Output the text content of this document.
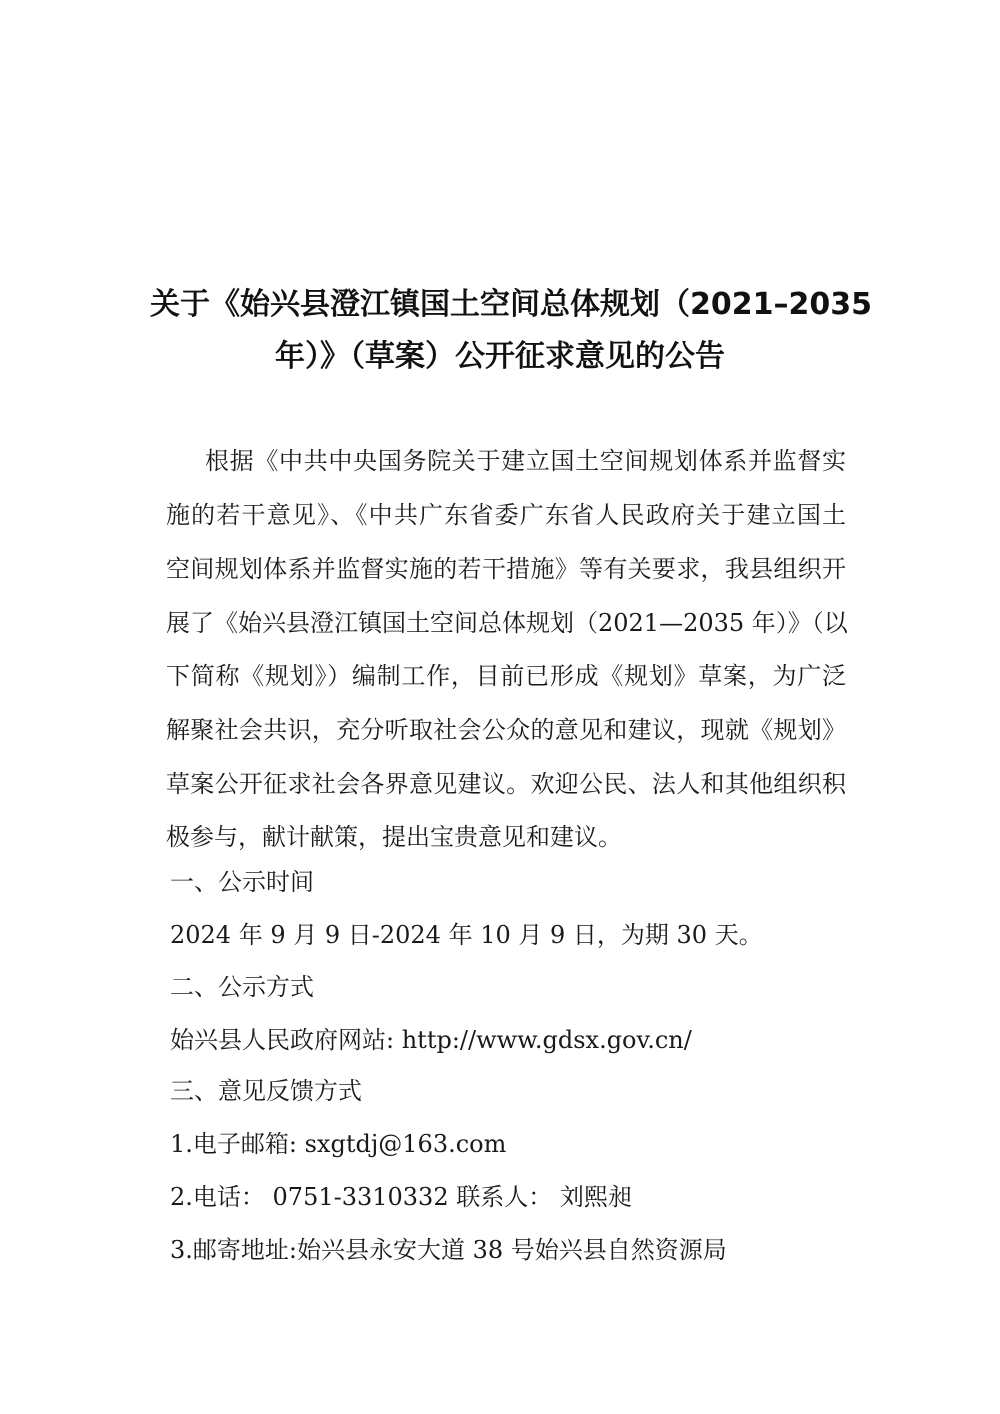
关于《始兴县澄江镇国土空间总体规划（2021–2035
年）》（草案）公开征求意见的公告
根据《中共中央国务院关于建立国土空间规划体系并监督实
施的若干意见》、《中共广东省委广东省人民政府关于建立国土
空间规划体系并监督实施的若干措施》等有关要求，我县组织开
展了《始兴县澄江镇国土空间总体规划（2021—2035 年）》（以
下简称《规划》）编制工作，目前已形成《规划》草案，为广泛
解聚社会共识，充分听取社会公众的意见和建议，现就《规划》
草案公开征求社会各界意见建议。欢迎公民、法人和其他组织积
极参与，献计献策，提出宝贵意见和建议。
一、公示时间
2024 年 9 月 9 日-2024 年 10 月 9 日，为期 30 天。
二、公示方式
始兴县人民政府网站: http://www.gdsx.gov.cn/
三、意见反馈方式
1.电子邮箱: sxgtdj@163.com
2.电话： 0751-3310332 联系人： 刘熙昶
3.邮寄地址:始兴县永安大道 38 号始兴县自然资源局
